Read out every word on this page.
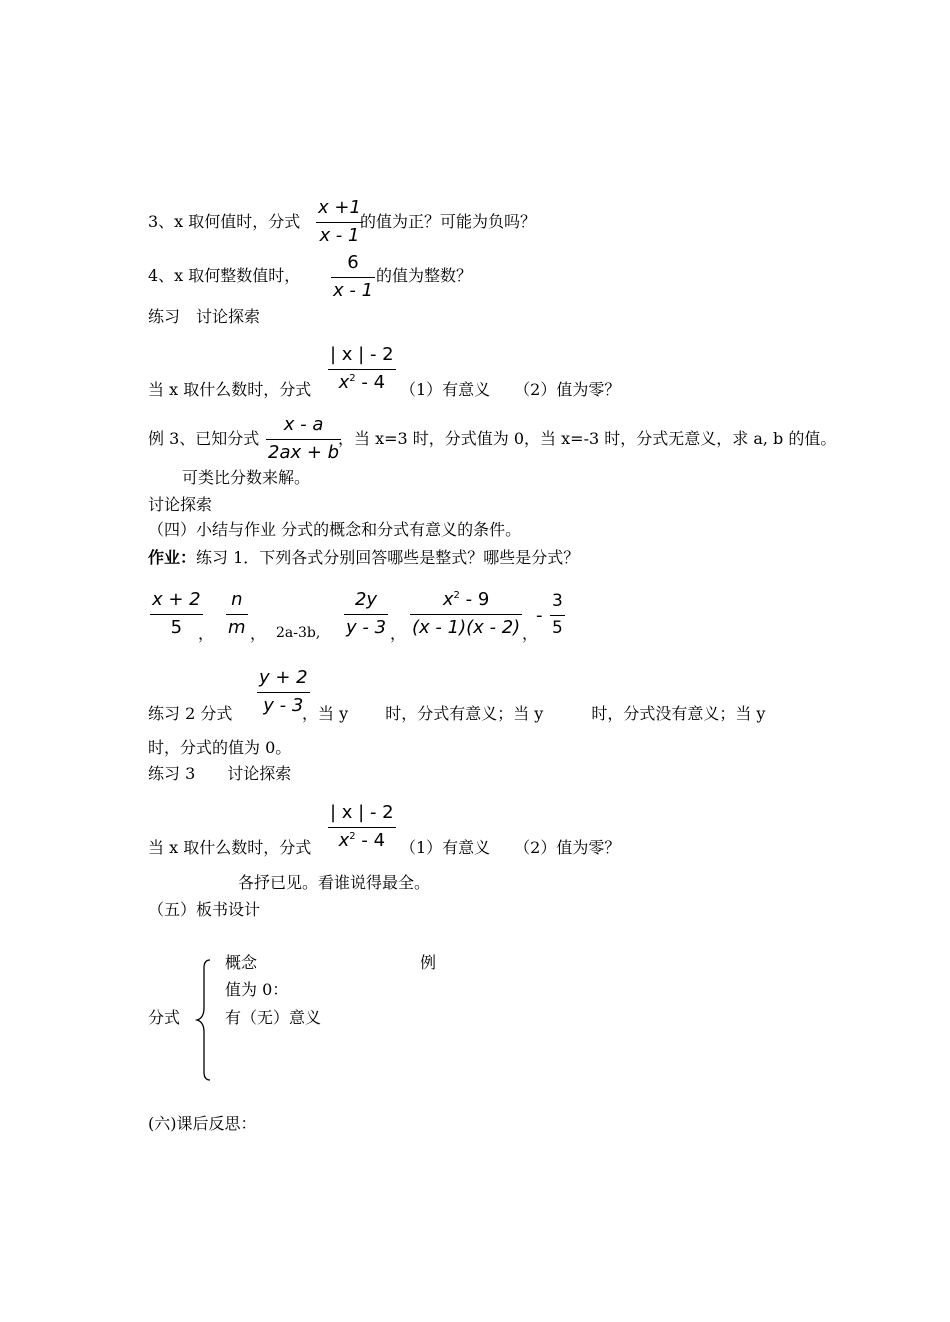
3、x 取何值时，分式
x +1
x - 1
的值为正？可能为负吗？
4、x 取何整数值时，
6
x - 1
的值为整数？
练习　讨论探索
当 x 取什么数时，分式
| x | - 2
$x^2 - 4$ （1）有意义　　（2）值为零？
例 3、已知分式
x - a
2ax + b
，当 x=3 时，分式值为 0，当 x=-3 时，分式无意义，求 a, b 的值。
可类比分数来解。
讨论探索
（四）小结与作业 分式的概念和分式有意义的条件。
作业：练习 1．下列各式分别回答哪些是整式？哪些是分式？
x + 2
5 ，
n
m ， 2a-3b,
2y
y - 3 ，
$x^2 - 9$
(x - 1)(x - 2) ，
-
3
5
练习 2 分式
y + 2
y - 3
，当 y　　 时，分式有意义；当 y　　　时，分式没有意义；当 y
时，分式的值为 0。
练习 3　　讨论探索
当 x 取什么数时，分式
| x | - 2
$x^2 - 4$ （1）有意义　　（2）值为零？
各抒已见。看谁说得最全。
（五）板书设计
分式
概念	例
值为 0：
有（无）意义
(六)课后反思：
